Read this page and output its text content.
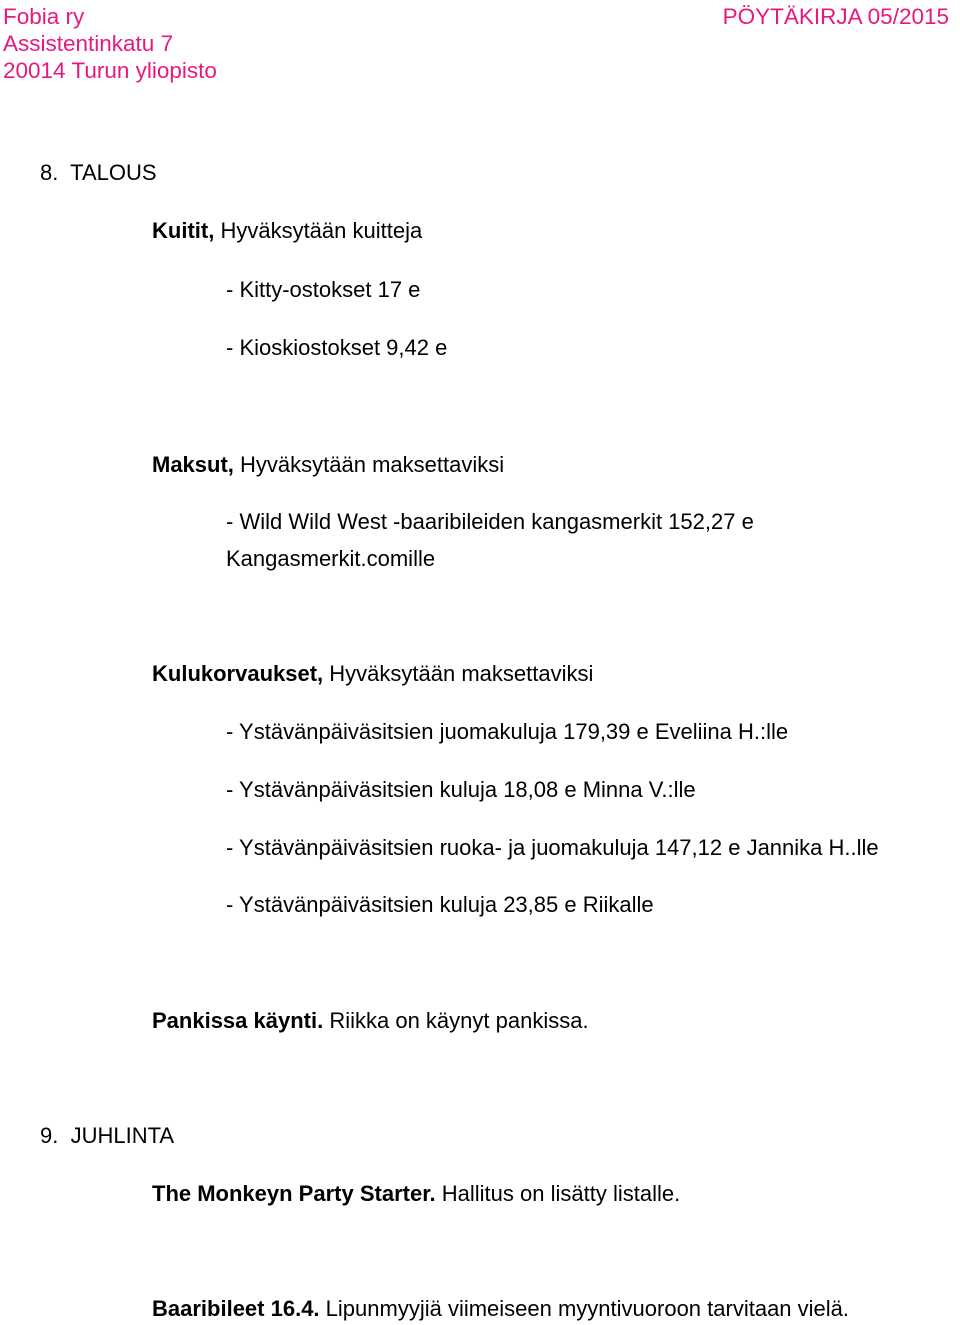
Fobia ry
Assistentinkatu 7
20014 Turun yliopisto
PÖYTÄKIRJA 05/2015
8.  TALOUS
Kuitit, Hyväksytään kuitteja
- Kitty-ostokset 17 e
- Kioskiostokset 9,42 e
Maksut, Hyväksytään maksettaviksi
- Wild Wild West -baaribileiden kangasmerkit 152,27 e
Kangasmerkit.comille
Kulukorvaukset, Hyväksytään maksettaviksi
- Ystävänpäiväsitsien juomakuluja 179,39 e Eveliina H.:lle
- Ystävänpäiväsitsien kuluja 18,08 e Minna V.:lle
- Ystävänpäiväsitsien ruoka- ja juomakuluja 147,12 e Jannika H..lle
- Ystävänpäiväsitsien kuluja 23,85 e Riikalle
Pankissa käynti. Riikka on käynyt pankissa.
9.  JUHLINTA
The Monkeyn Party Starter. Hallitus on lisätty listalle.
Baaribileet 16.4. Lipunmyyjiä viimeiseen myyntivuoroon tarvitaan vielä.
